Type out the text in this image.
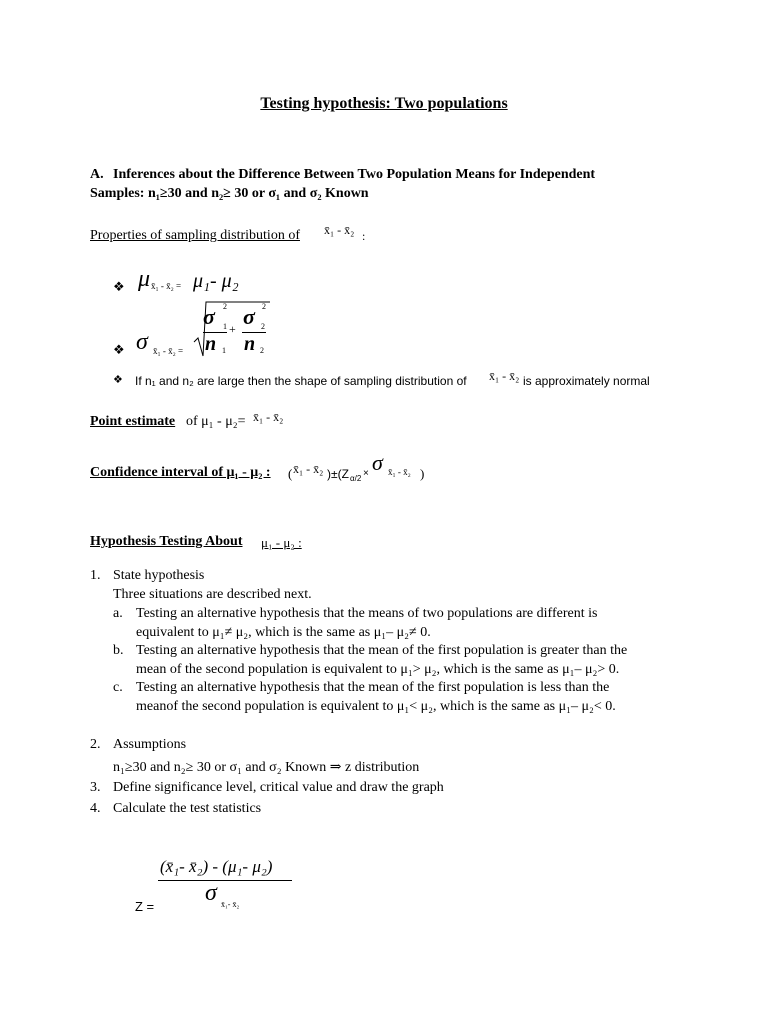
Testing hypothesis: Two populations
A. Inferences about the Difference Between Two Population Means for Independent
Samples: n₁≥30 and n₂≥ 30 or σ₁ and σ₂ Known
Properties of sampling distribution of x̄₁ - x̄₂ :
❖ μ x̄₁ - x̄₂ = μ₁- μ₂
❖ σ x̄₁ - x̄₂ =
σ 2
1 + σ 2
2
n 1 n 2
❖ If n₁ and n₂ are large then the shape of sampling distribution of x̄₁ - x̄₂ is approximately normal
Point estimate of μ₁ - μ₂= x̄₁ - x̄₂
Confidence interval of μ₁ - μ₂ : ( x̄₁ - x̄₂ )±(Z α/2 × σ x̄₁ - x̄₂ )
Hypothesis Testing About μ₁ - μ₂ :
1. State hypothesis
Three situations are described next.
a. Testing an alternative hypothesis that the means of two populations are different is
equivalent to μ₁≠ μ₂, which is the same as μ₁– μ₂≠ 0.
b. Testing an alternative hypothesis that the mean of the first population is greater than the
mean of the second population is equivalent to μ₁> μ₂, which is the same as μ₁– μ₂> 0.
c. Testing an alternative hypothesis that the mean of the first population is less than the
meanof the second population is equivalent to μ₁< μ₂, which is the same as μ₁– μ₂< 0.
2. Assumptions
n₁≥30 and n₂≥ 30 or σ₁ and σ₂ Known ⇒ z distribution
3. Define significance level, critical value and draw the graph
4. Calculate the test statistics
(x̄₁- x̄₂) - (μ₁- μ₂)
σ x̄₁- x̄₂
Z =
